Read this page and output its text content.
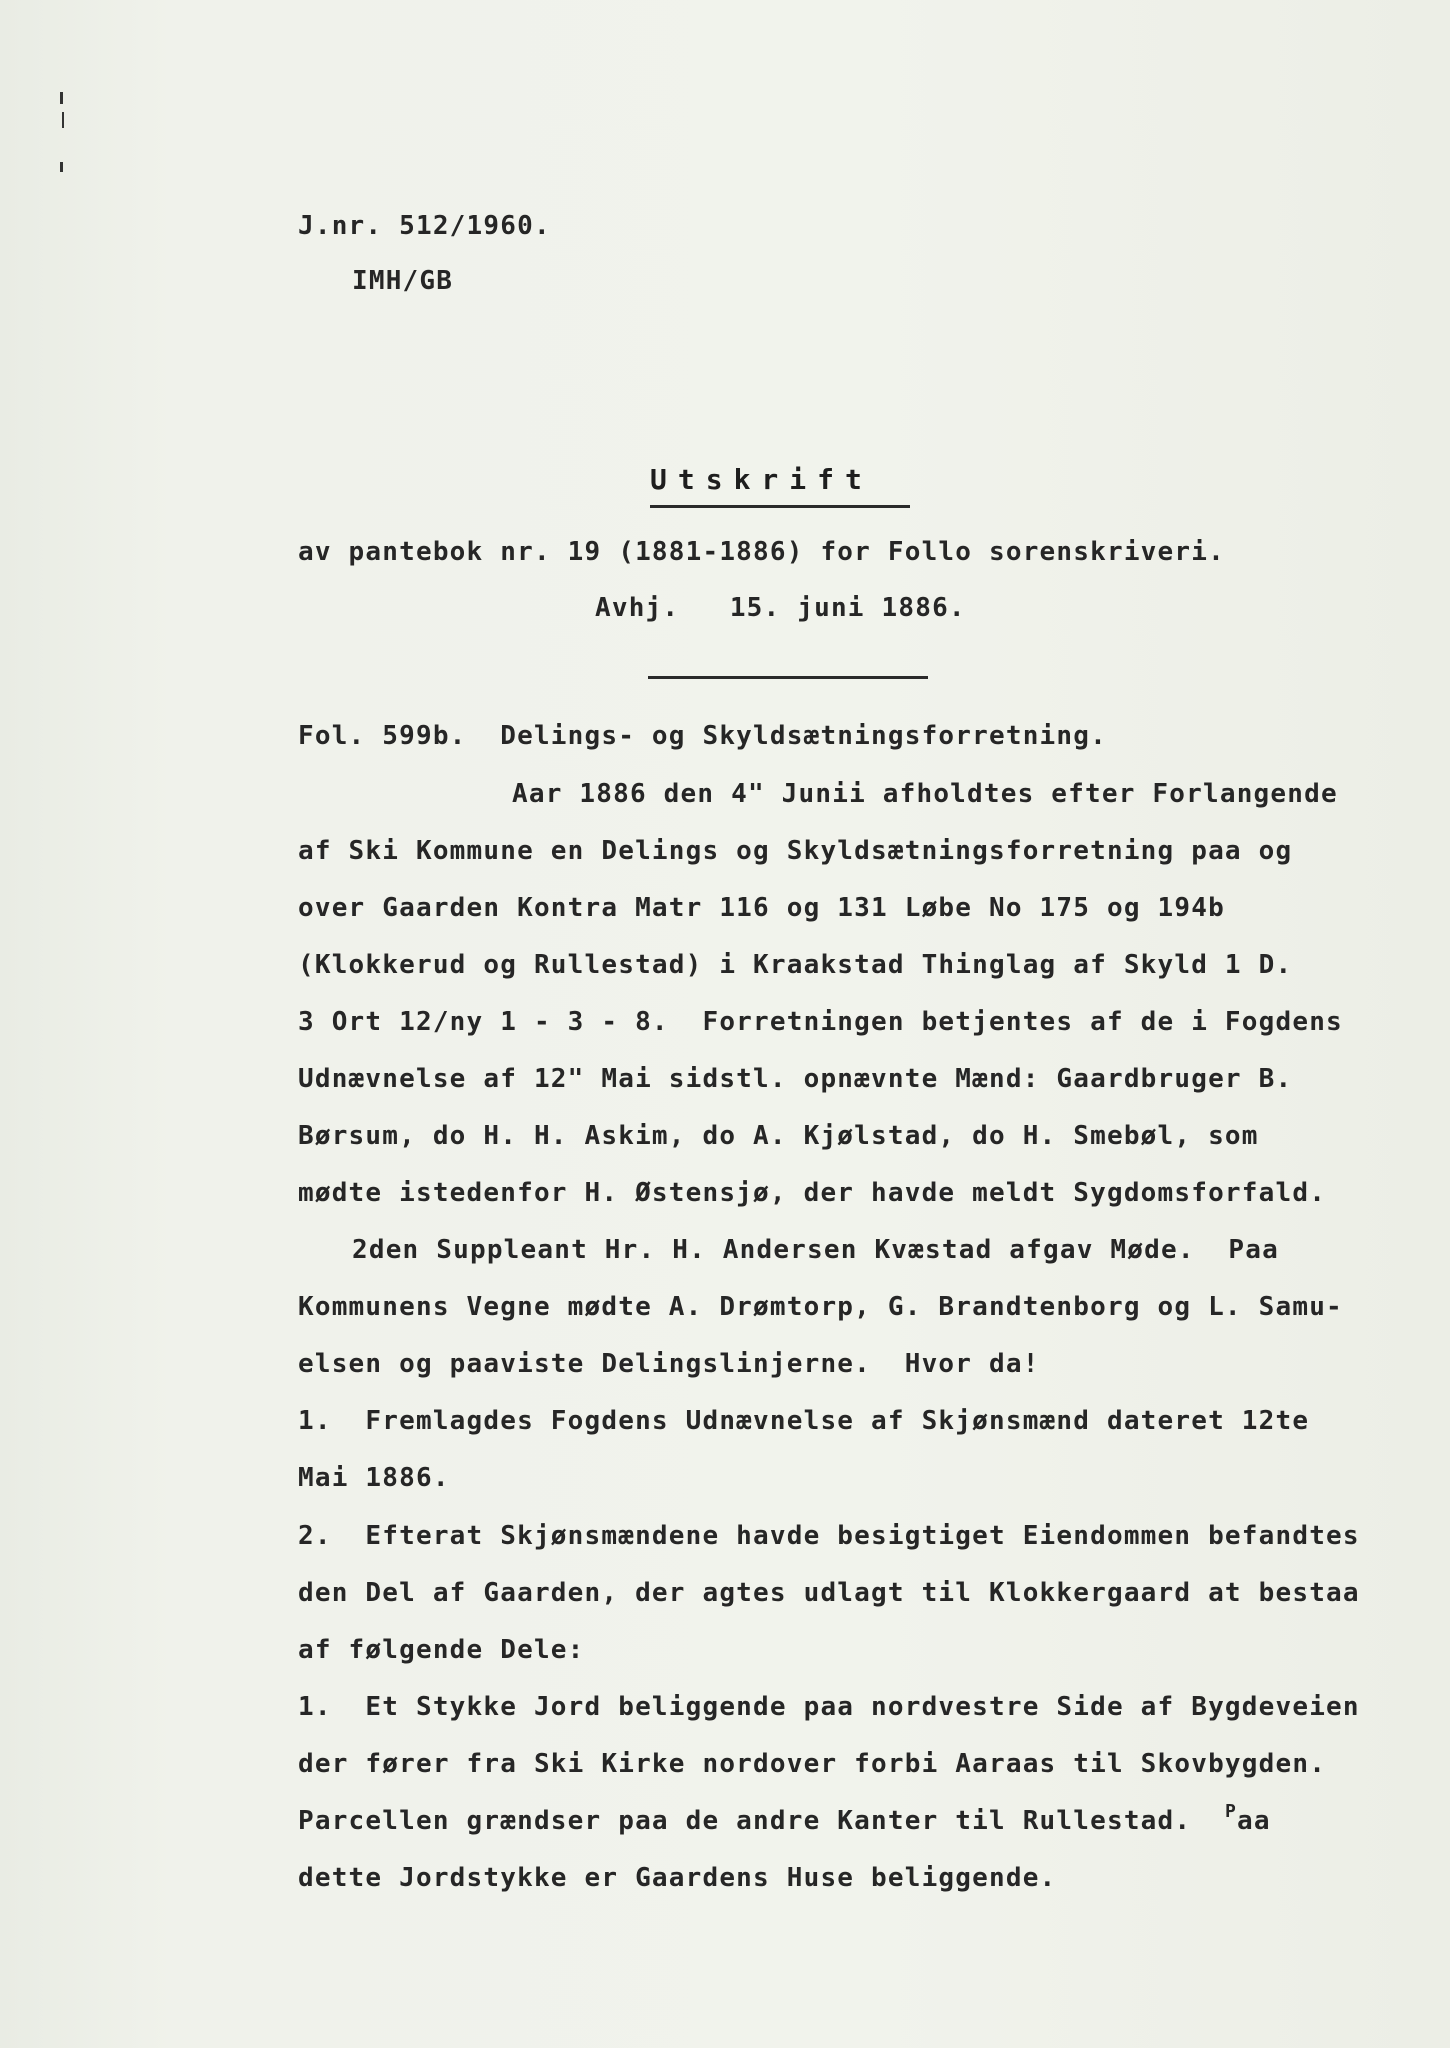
J.nr. 512/1960.
IMH/GB
Utskrift
av pantebok nr. 19 (1881-1886) for Follo sorenskriveri.
Avhj.   15. juni 1886.
Fol. 599b.  Delings- og Skyldsætningsforretning.
Aar 1886 den 4" Junii afholdtes efter Forlangende
af Ski Kommune en Delings og Skyldsætningsforretning paa og
over Gaarden Kontra Matr 116 og 131 Løbe No 175 og 194b
(Klokkerud og Rullestad) i Kraakstad Thinglag af Skyld 1 D.
3 Ort 12/ny 1 - 3 - 8.  Forretningen betjentes af de i Fogdens
Udnævnelse af 12" Mai sidstl. opnævnte Mænd: Gaardbruger B.
Børsum, do H. H. Askim, do A. Kjølstad, do H. Smebøl, som
mødte istedenfor H. Østensjø, der havde meldt Sygdomsforfald.
2den Suppleant Hr. H. Andersen Kvæstad afgav Møde.  Paa
Kommunens Vegne mødte A. Drømtorp, G. Brandtenborg og L. Samu-
elsen og paaviste Delingslinjerne.  Hvor da!
1.  Fremlagdes Fogdens Udnævnelse af Skjønsmænd dateret 12te
Mai 1886.
2.  Efterat Skjønsmændene havde besigtiget Eiendommen befandtes
den Del af Gaarden, der agtes udlagt til Klokkergaard at bestaa
af følgende Dele:
1.  Et Stykke Jord beliggende paa nordvestre Side af Bygdeveien
der fører fra Ski Kirke nordover forbi Aaraas til Skovbygden.
Parcellen grændser paa de andre Kanter til Rullestad.  $^P$aa
dette Jordstykke er Gaardens Huse beliggende.
